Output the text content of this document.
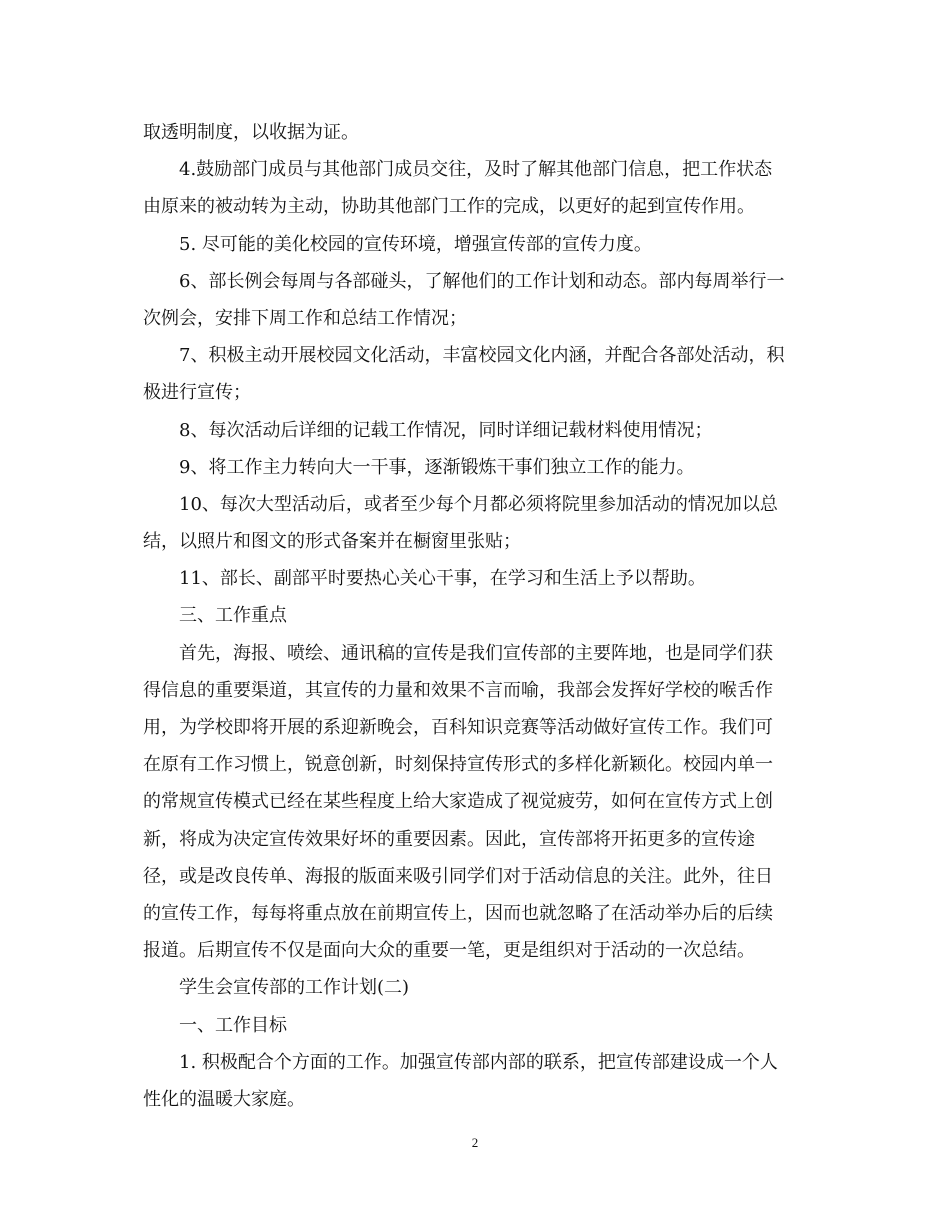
取透明制度，以收据为证。
4.鼓励部门成员与其他部门成员交往，及时了解其他部门信息，把工作状态
由原来的被动转为主动，协助其他部门工作的完成，以更好的起到宣传作用。
5. 尽可能的美化校园的宣传环境，增强宣传部的宣传力度。
6、部长例会每周与各部碰头，了解他们的工作计划和动态。部内每周举行一
次例会，安排下周工作和总结工作情况；
7、积极主动开展校园文化活动，丰富校园文化内涵，并配合各部处活动，积
极进行宣传；
8、每次活动后详细的记载工作情况，同时详细记载材料使用情况；
9、将工作主力转向大一干事，逐渐锻炼干事们独立工作的能力。
10、每次大型活动后，或者至少每个月都必须将院里参加活动的情况加以总
结，以照片和图文的形式备案并在橱窗里张贴；
11、部长、副部平时要热心关心干事，在学习和生活上予以帮助。
三、工作重点
首先，海报、喷绘、通讯稿的宣传是我们宣传部的主要阵地，也是同学们获
得信息的重要渠道，其宣传的力量和效果不言而喻，我部会发挥好学校的喉舌作
用，为学校即将开展的系迎新晚会，百科知识竞赛等活动做好宣传工作。我们可
在原有工作习惯上，锐意创新，时刻保持宣传形式的多样化新颖化。校园内单一
的常规宣传模式已经在某些程度上给大家造成了视觉疲劳，如何在宣传方式上创
新，将成为决定宣传效果好坏的重要因素。因此，宣传部将开拓更多的宣传途
径，或是改良传单、海报的版面来吸引同学们对于活动信息的关注。此外，往日
的宣传工作，每每将重点放在前期宣传上，因而也就忽略了在活动举办后的后续
报道。后期宣传不仅是面向大众的重要一笔，更是组织对于活动的一次总结。
学生会宣传部的工作计划(二)
一、工作目标
1. 积极配合个方面的工作。加强宣传部内部的联系，把宣传部建设成一个人
性化的温暖大家庭。
2
